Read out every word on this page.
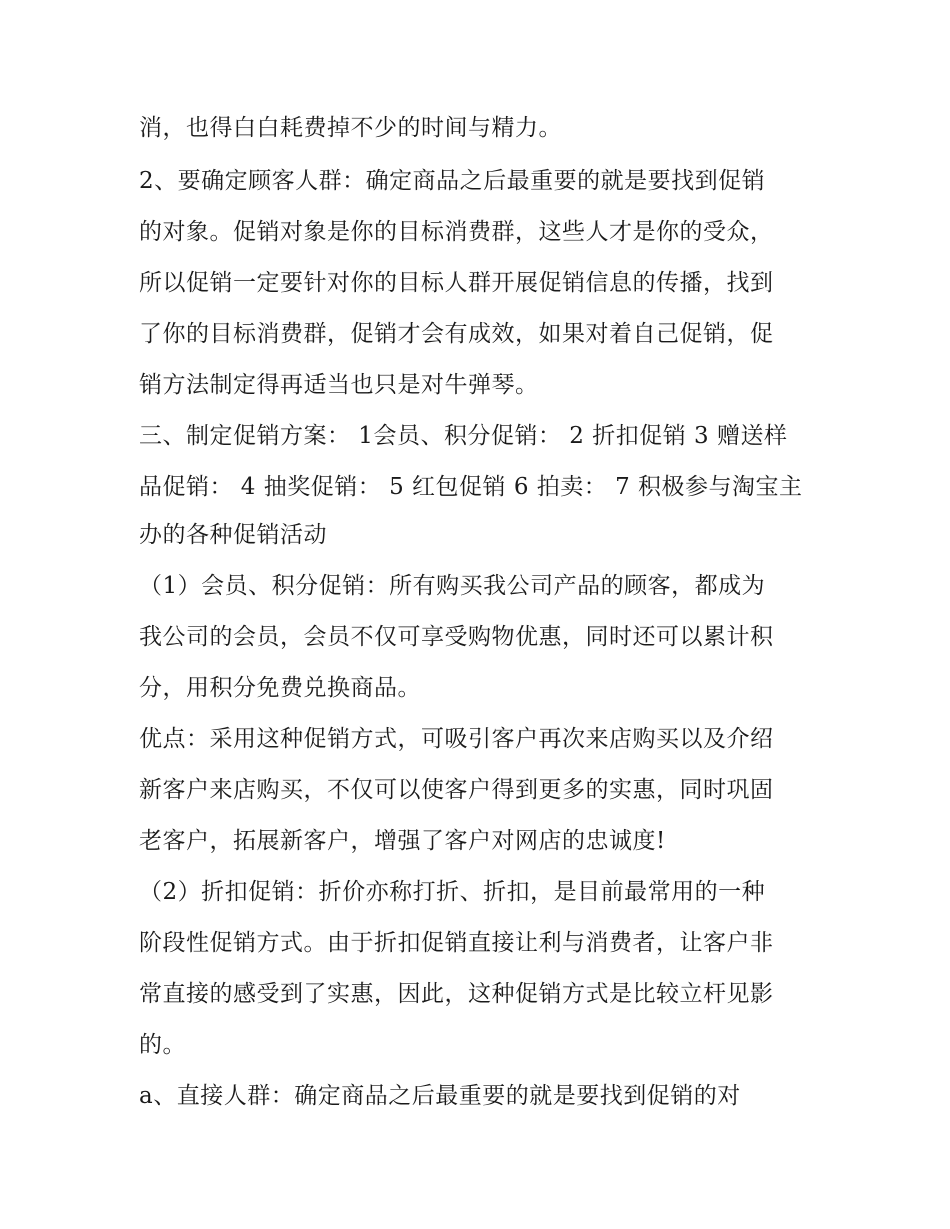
消，也得白白耗费掉不少的时间与精力。
2、要确定顾客人群：确定商品之后最重要的就是要找到促销
的对象。促销对象是你的目标消费群，这些人才是你的受众，
所以促销一定要针对你的目标人群开展促销信息的传播，找到
了你的目标消费群，促销才会有成效，如果对着自己促销，促
销方法制定得再适当也只是对牛弹琴。
三、制定促销方案： 1会员、积分促销： 2 折扣促销 3 赠送样
品促销： 4 抽奖促销： 5 红包促销 6 拍卖： 7 积极参与淘宝主
办的各种促销活动
（1）会员、积分促销：所有购买我公司产品的顾客，都成为
我公司的会员，会员不仅可享受购物优惠，同时还可以累计积
分，用积分免费兑换商品。
优点：采用这种促销方式，可吸引客户再次来店购买以及介绍
新客户来店购买，不仅可以使客户得到更多的实惠，同时巩固
老客户，拓展新客户，增强了客户对网店的忠诚度!
（2）折扣促销：折价亦称打折、折扣，是目前最常用的一种
阶段性促销方式。由于折扣促销直接让利与消费者，让客户非
常直接的感受到了实惠，因此，这种促销方式是比较立杆见影
的。
a、直接人群：确定商品之后最重要的就是要找到促销的对
